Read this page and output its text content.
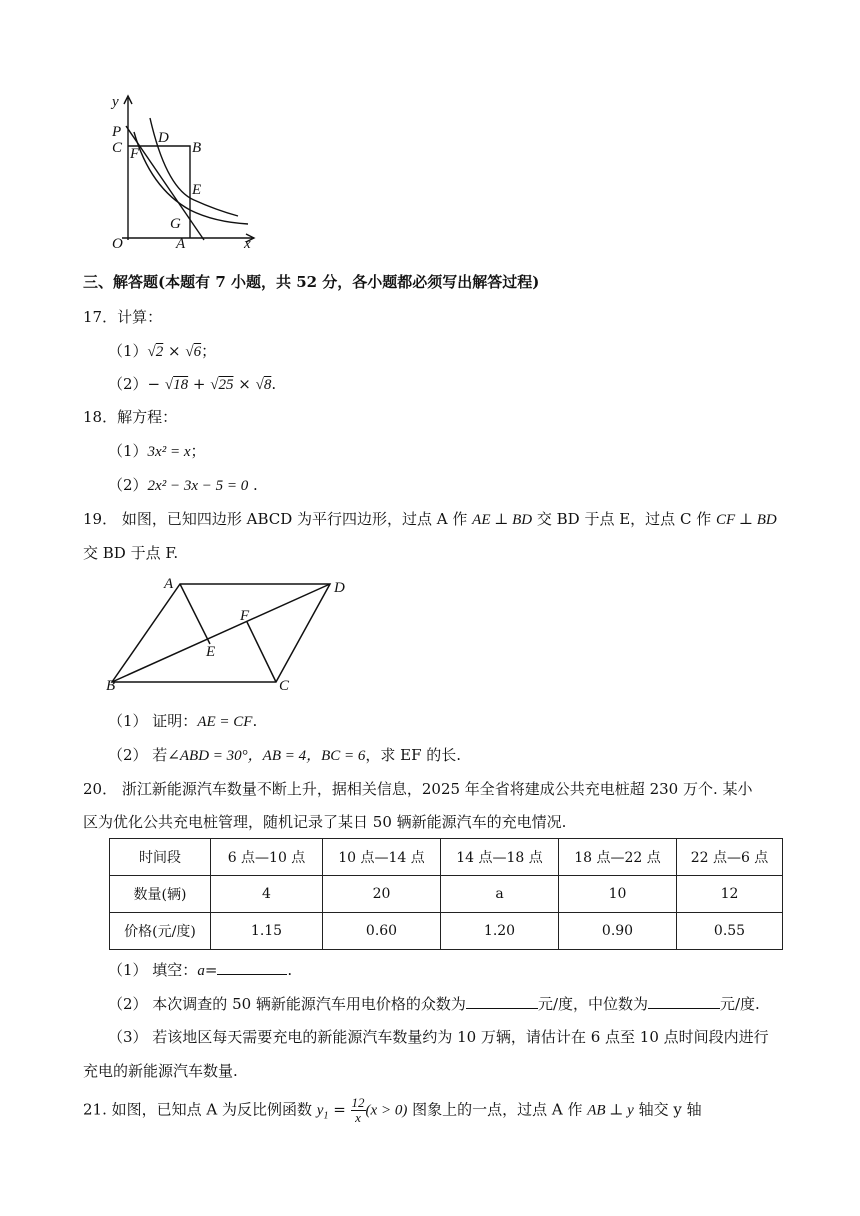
y
P
C F
D
B
E
G
O	A	x
三、解答题(本题有 7 小题，共 52 分，各小题都必须写出解答过程)
17．计算：
（1）√2 × √6；
（2）− √18 + √25 × √8.
18．解方程：
（1）3x² = x；
（2）2x² − 3x − 5 = 0 .
19． 如图，已知四边形 ABCD 为平行四边形，过点 A 作 AE ⊥ BD 交 BD 于点 E，过点 C 作 CF ⊥ BD
交 BD 于点 F.
A	D
F
E
B	C
（1） 证明：AE = CF.
（2） 若∠ABD = 30°，AB = 4，BC = 6，求 EF 的长.
20． 浙江新能源汽车数量不断上升，据相关信息，2025 年全省将建成公共充电桩超 230 万个. 某小
区为优化公共充电桩管理，随机记录了某日 50 辆新能源汽车的充电情况.
时间段	6 点—10 点	10 点—14 点	14 点—18 点	18 点—22 点	22 点—6 点
数量(辆)	4	20	a	10	12
价格(元/度)	1.15	0.60	1.20	0.90	0.55
（1） 填空：a=	.
（2） 本次调查的 50 辆新能源汽车用电价格的众数为	元/度，中位数为	元/度.
（3） 若该地区每天需要充电的新能源汽车数量约为 10 万辆，请估计在 6 点至 10 点时间段内进行
充电的新能源汽车数量.
21. 如图，已知点 A 为反比例函数 $y_1 = \frac{12}{x} (x > 0)$ 图象上的一点，过点 A 作 AB ⊥ y 轴交 y 轴
